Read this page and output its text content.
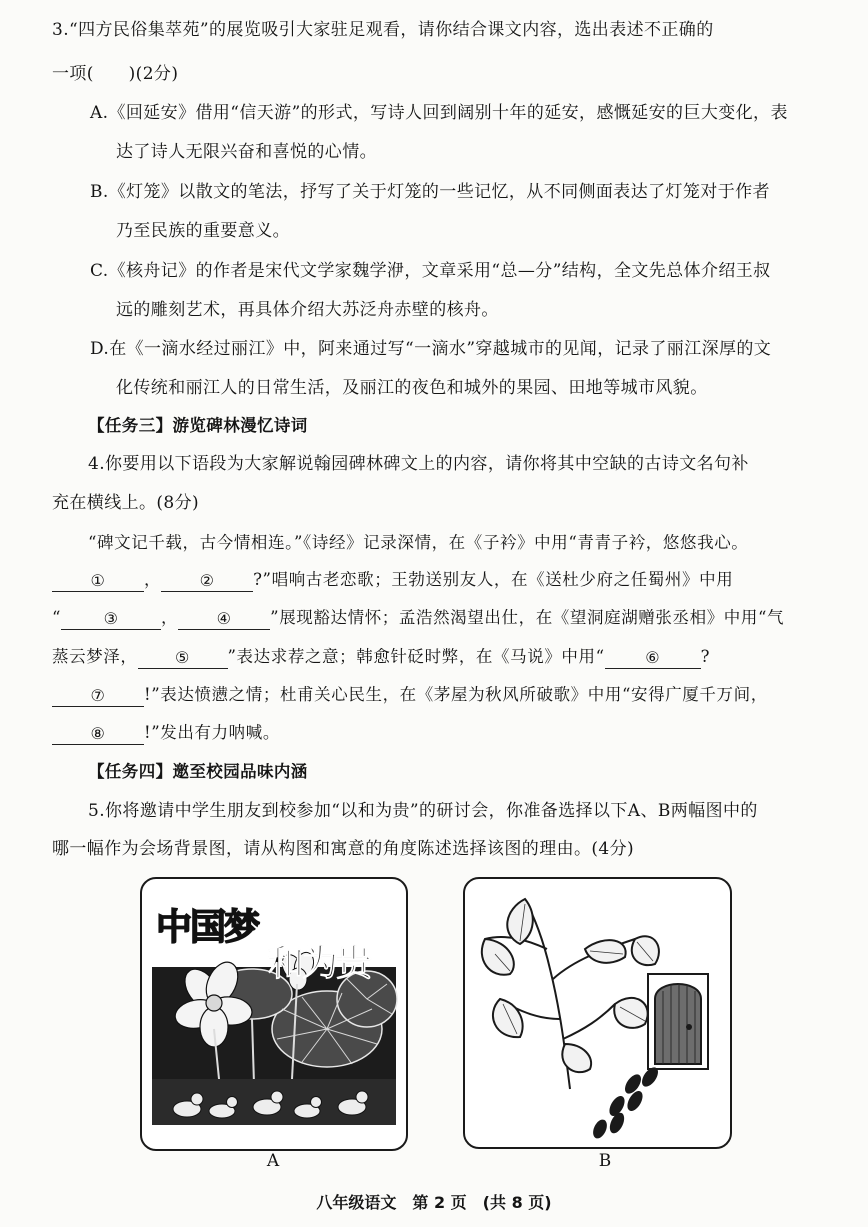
3.“四方民俗集萃苑”的展览吸引大家驻足观看，请你结合课文内容，选出表述不正确的
一项(　　)(2分)
A.《回延安》借用“信天游”的形式，写诗人回到阔别十年的延安，感慨延安的巨大变化，表
达了诗人无限兴奋和喜悦的心情。
B.《灯笼》以散文的笔法，抒写了关于灯笼的一些记忆，从不同侧面表达了灯笼对于作者
乃至民族的重要意义。
C.《核舟记》的作者是宋代文学家魏学洢，文章采用“总—分”结构，全文先总体介绍王叔
远的雕刻艺术，再具体介绍大苏泛舟赤壁的核舟。
D.在《一滴水经过丽江》中，阿来通过写“一滴水”穿越城市的见闻，记录了丽江深厚的文
化传统和丽江人的日常生活，及丽江的夜色和城外的果园、田地等城市风貌。
【任务三】游览碑林漫忆诗词
4.你要用以下语段为大家解说翰园碑林碑文上的内容，请你将其中空缺的古诗文名句补
充在横线上。(8分)
“碑文记千载，古今情相连。”《诗经》记录深情，在《子衿》中用“青青子衿，悠悠我心。
① ， ② ?”唱响古老恋歌；王勃送别友人，在《送杜少府之任蜀州》中用
“	③	， ④ ”展现豁达情怀；孟浩然渴望出仕，在《望洞庭湖赠张丞相》中用“气
蒸云梦泽， ⑤ ”表达求荐之意；韩愈针砭时弊，在《马说》中用“	⑥ ?
⑦ !”表达愤懑之情；杜甫关心民生，在《茅屋为秋风所破歌》中用“安得广厦千万间，
⑧ !”发出有力呐喊。
【任务四】邀至校园品味内涵
5.你将邀请中学生朋友到校参加“以和为贵”的研讨会，你准备选择以下A、B两幅图中的
哪一幅作为会场背景图，请从构图和寓意的角度陈述选择该图的理由。(4分)
中国梦
和为贵
A	B
八年级语文　第 2 页　(共 8 页)
